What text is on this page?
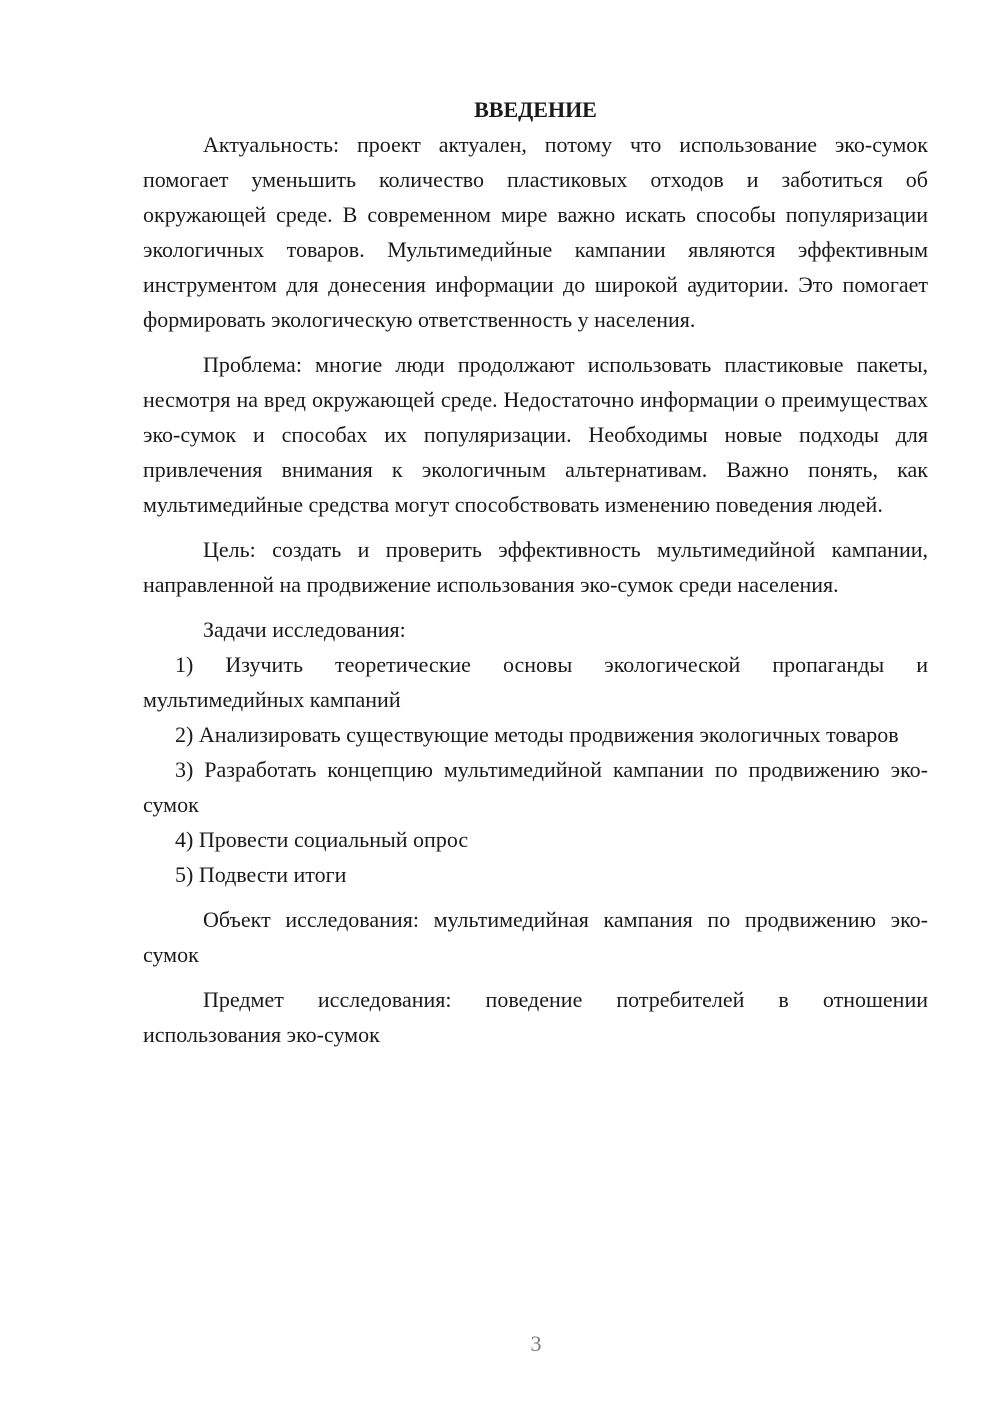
ВВЕДЕНИЕ

Актуальность: проект актуален, потому что использование эко-сумок помогает уменьшить количество пластиковых отходов и заботиться об окружающей среде. В современном мире важно искать способы популяризации экологичных товаров. Мультимедийные кампании являются эффективным инструментом для донесения информации до широкой аудитории. Это помогает формировать экологическую ответственность у населения.

Проблема: многие люди продолжают использовать пластиковые пакеты, несмотря на вред окружающей среде. Недостаточно информации о преимуществах эко-сумок и способах их популяризации. Необходимы новые подходы для привлечения внимания к экологичным альтернативам. Важно понять, как мультимедийные средства могут способствовать изменению поведения людей.

Цель: создать и проверить эффективность мультимедийной кампании, направленной на продвижение использования эко-сумок среди населения.

Задачи исследования:

1) Изучить теоретические основы экологической пропаганды и мультимедийных кампаний

2) Анализировать существующие методы продвижения экологичных товаров

3) Разработать концепцию мультимедийной кампании по продвижению эко-сумок

4) Провести социальный опрос

5) Подвести итоги

Объект исследования: мультимедийная кампания по продвижению эко-сумок

Предмет исследования: поведение потребителей в отношении использования эко-сумок

3
